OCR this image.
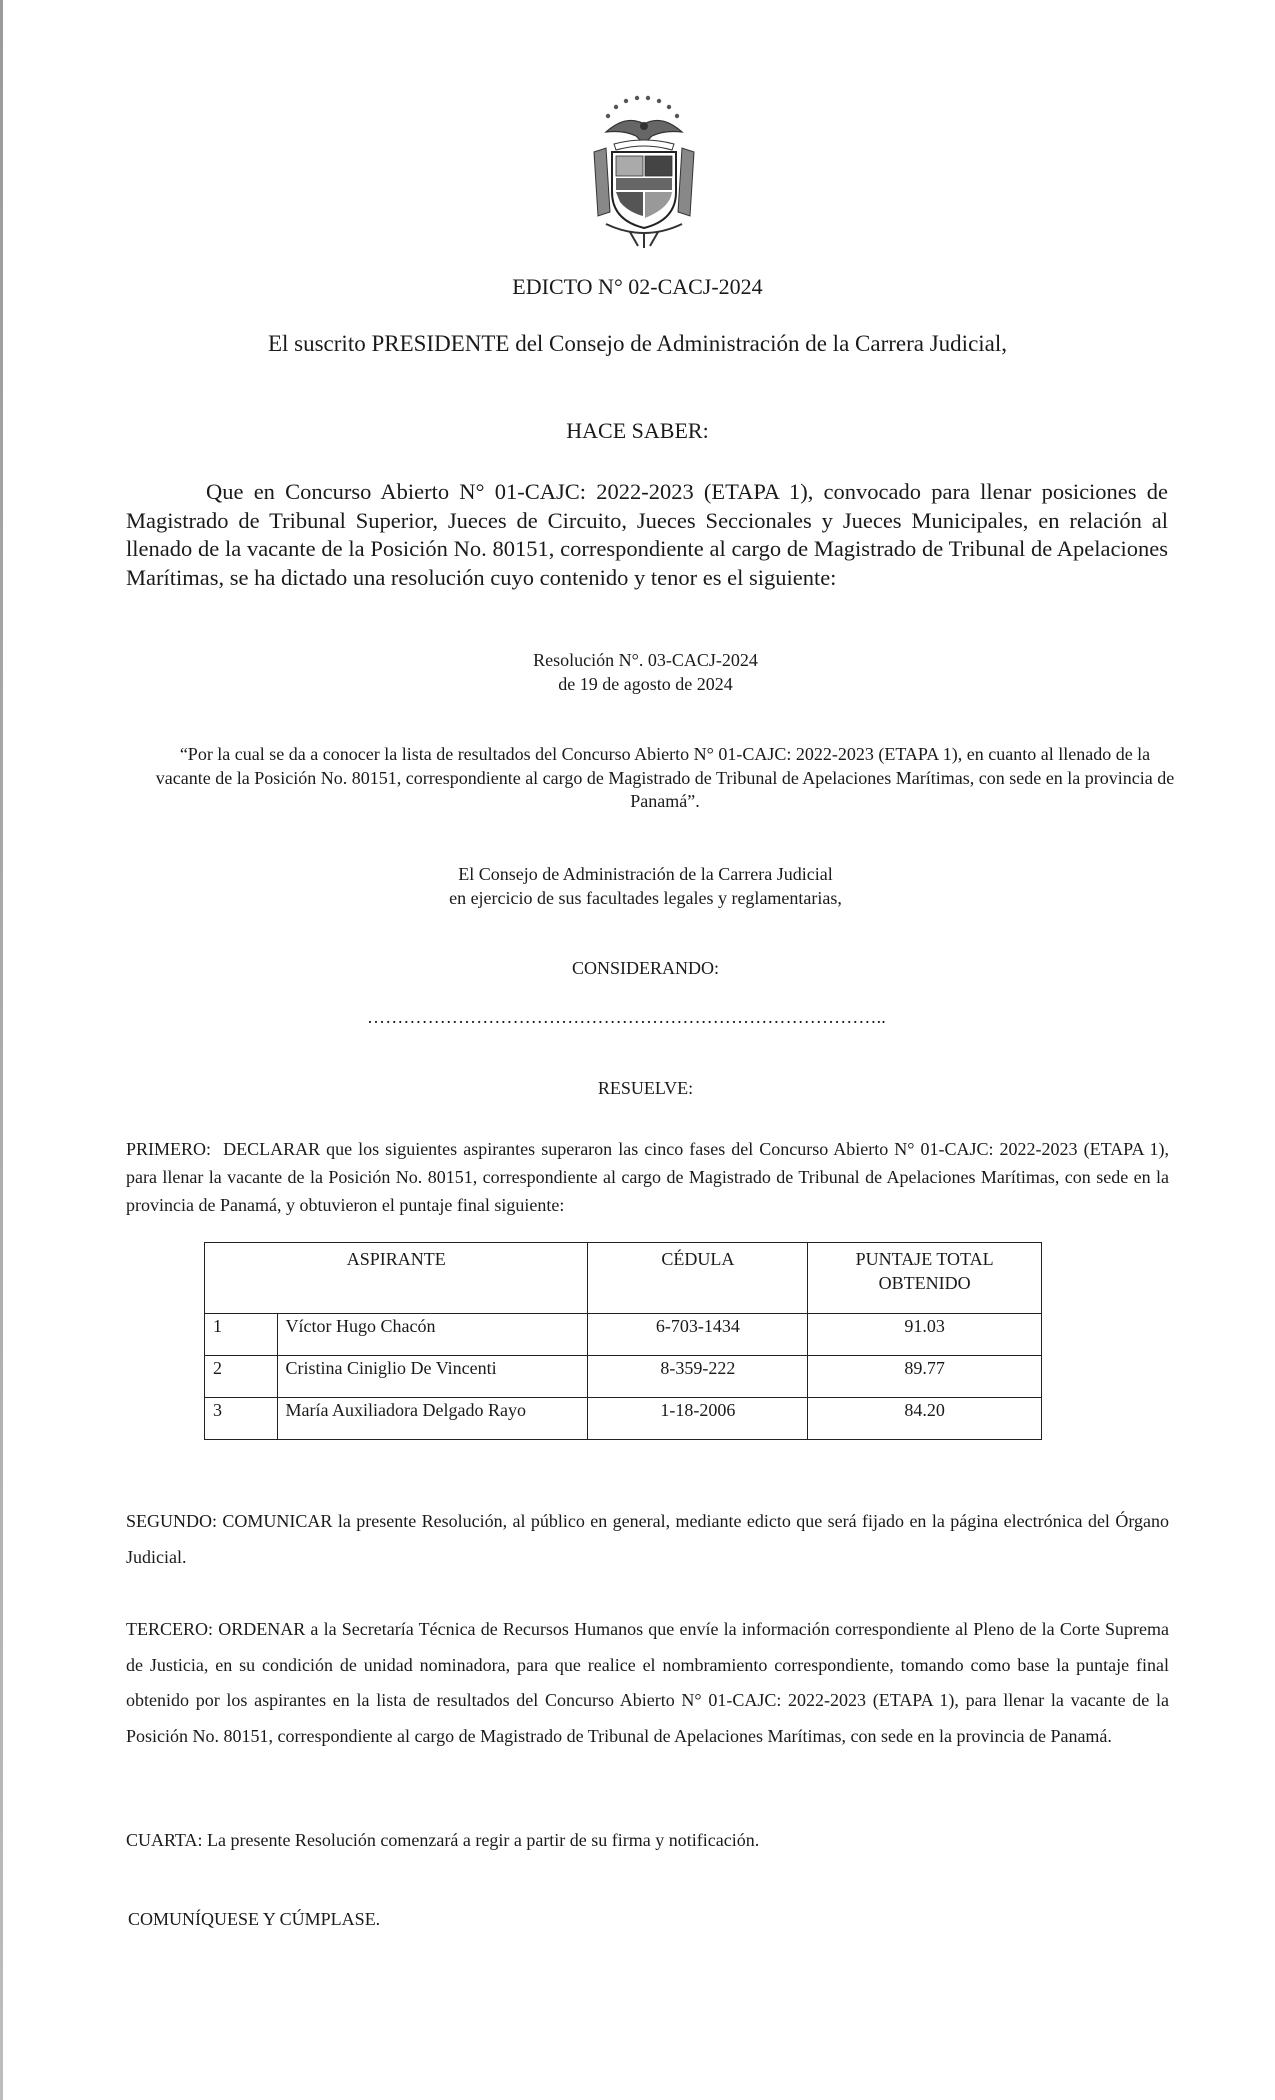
EDICTO N° 02-CACJ-2024
El suscrito PRESIDENTE del Consejo de Administración de la Carrera Judicial,
HACE SABER:
Que en Concurso Abierto N° 01-CAJC: 2022-2023 (ETAPA 1), convocado para llenar posiciones de Magistrado de Tribunal Superior, Jueces de Circuito, Jueces Seccionales y Jueces Municipales, en relación al llenado de la vacante de la Posición No. 80151, correspondiente al cargo de Magistrado de Tribunal de Apelaciones Marítimas, se ha dictado una resolución cuyo contenido y tenor es el siguiente:
Resolución N°. 03-CACJ-2024
de 19 de agosto de 2024
“Por la cual se da a conocer la lista de resultados del Concurso Abierto N° 01-CAJC: 2022-2023 (ETAPA 1), en cuanto al llenado de la vacante de la Posición No. 80151, correspondiente al cargo de Magistrado de Tribunal de Apelaciones Marítimas, con sede en la provincia de Panamá”.
El Consejo de Administración de la Carrera Judicial
en ejercicio de sus facultades legales y reglamentarias,
CONSIDERANDO:
…………………………………………………………………………..
RESUELVE:
PRIMERO: DECLARAR que los siguientes aspirantes superaron las cinco fases del Concurso Abierto N° 01-CAJC: 2022-2023 (ETAPA 1), para llenar la vacante de la Posición No. 80151, correspondiente al cargo de Magistrado de Tribunal de Apelaciones Marítimas, con sede en la provincia de Panamá, y obtuvieron el puntaje final siguiente:
ASPIRANTE		CÉDULA	PUNTAJE TOTAL OBTENIDO
1	Víctor Hugo Chacón	6-703-1434	91.03
2	Cristina Ciniglio De Vincenti	8-359-222	89.77
3	María Auxiliadora Delgado Rayo	1-18-2006	84.20
SEGUNDO: COMUNICAR la presente Resolución, al público en general, mediante edicto que será fijado en la página electrónica del Órgano Judicial.
TERCERO: ORDENAR a la Secretaría Técnica de Recursos Humanos que envíe la información correspondiente al Pleno de la Corte Suprema de Justicia, en su condición de unidad nominadora, para que realice el nombramiento correspondiente, tomando como base la puntaje final obtenido por los aspirantes en la lista de resultados del Concurso Abierto N° 01-CAJC: 2022-2023 (ETAPA 1), para llenar la vacante de la Posición No. 80151, correspondiente al cargo de Magistrado de Tribunal de Apelaciones Marítimas, con sede en la provincia de Panamá.
CUARTA: La presente Resolución comenzará a regir a partir de su firma y notificación.
COMUNÍQUESE Y CÚMPLASE.
